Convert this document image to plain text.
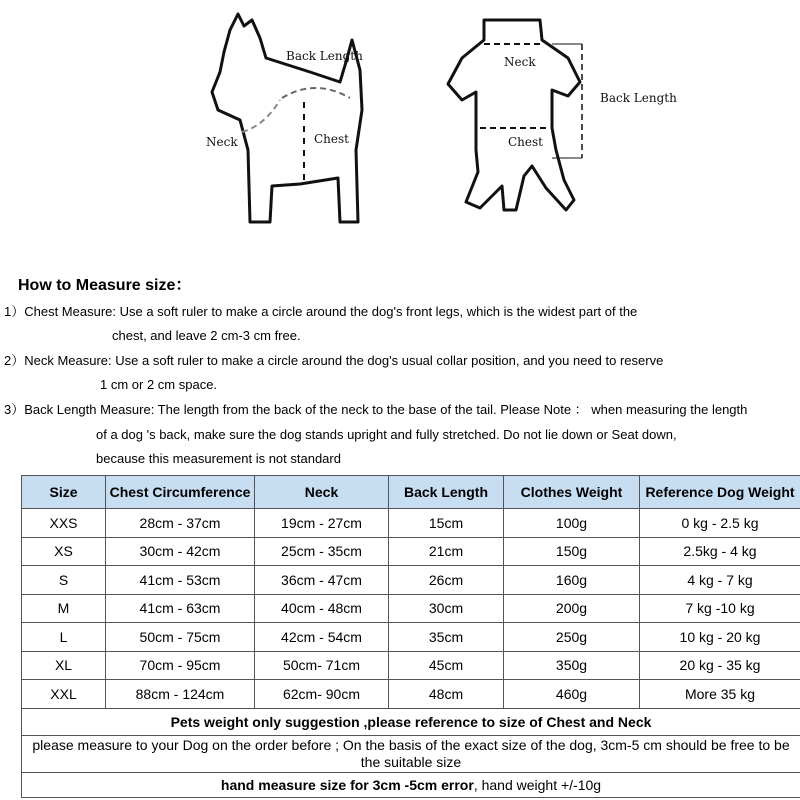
Back Length
Neck	Chest
Neck
Back Length
Chest
How to Measure size：
1）Chest Measure: Use a soft ruler to make a circle around the dog's front legs, which is the widest part of the
chest, and leave 2 cm-3 cm free.
2）Neck Measure: Use a soft ruler to make a circle around the dog's usual collar position, and you need to reserve
1 cm or 2 cm space.
3）Back Length Measure: The length from the back of the neck to the base of the tail. Please Note ： when measuring the length
of a dog 's back, make sure the dog stands upright and fully stretched. Do not lie down or Seat down,
because this measurement is not standard
Size	Chest Circumference	Neck	Back Length	Clothes Weight	Reference Dog Weight
XXS	28cm - 37cm	19cm - 27cm	15cm	100g	0 kg - 2.5 kg
XS	30cm - 42cm	25cm - 35cm	21cm	150g	2.5kg - 4 kg
S	41cm - 53cm	36cm - 47cm	26cm	160g	4 kg - 7 kg
M	41cm - 63cm	40cm - 48cm	30cm	200g	7 kg -10 kg
L	50cm - 75cm	42cm - 54cm	35cm	250g	10 kg - 20 kg
XL	70cm - 95cm	50cm- 71cm	45cm	350g	20 kg - 35 kg
XXL	88cm - 124cm	62cm- 90cm	48cm	460g	More 35 kg
Pets weight only suggestion ,please reference to size of Chest and Neck					
please measure to your Dog on the order before ; On the basis of the exact size of the dog, 3cm-5 cm should be free to be the suitable size					
hand measure size for 3cm -5cm error, hand weight +/-10g					
